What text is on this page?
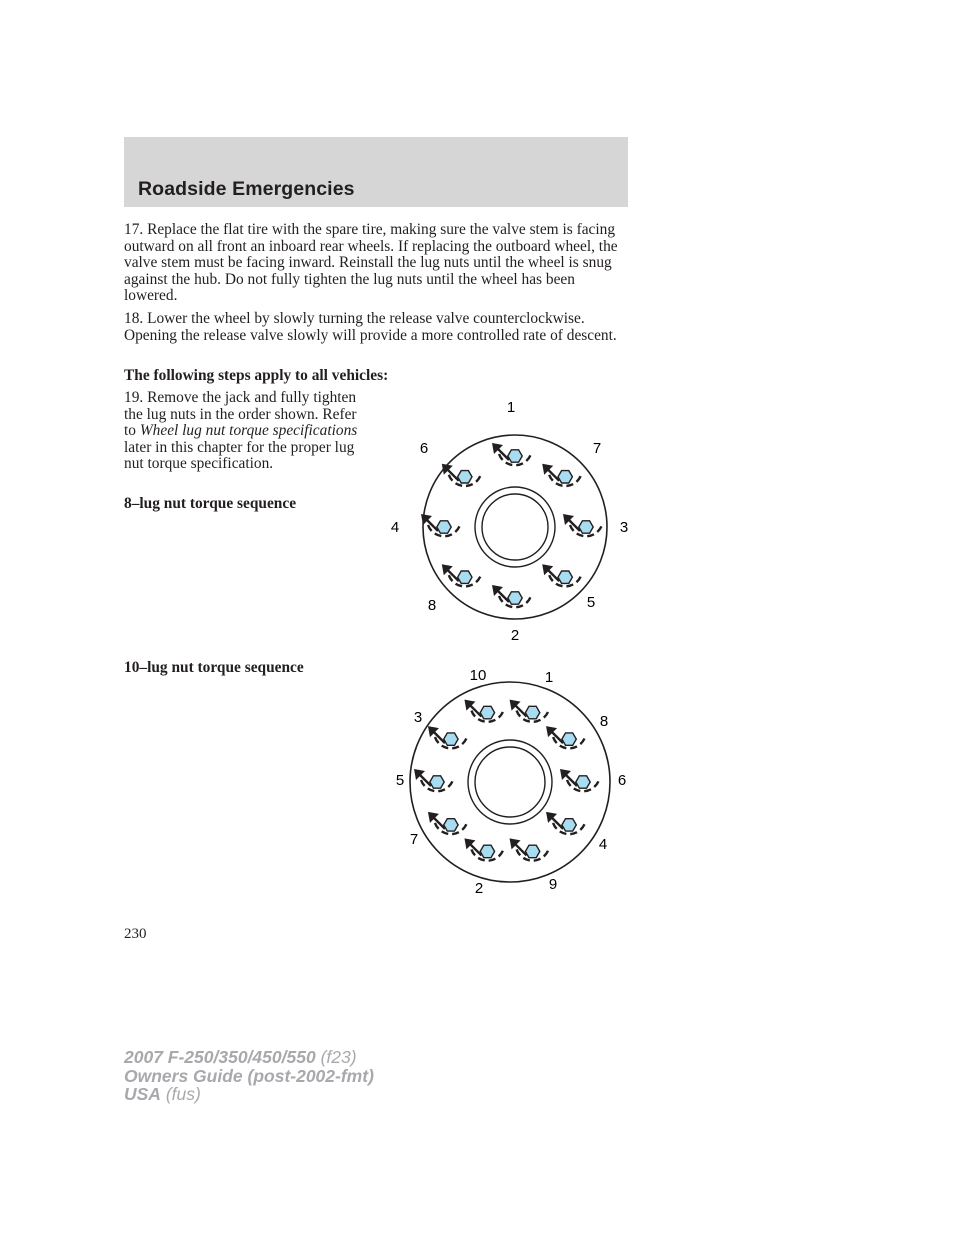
Roadside Emergencies

17. Replace the flat tire with the spare tire, making sure the valve stem is facing outward on all front an inboard rear wheels. If replacing the outboard wheel, the valve stem must be facing inward. Reinstall the lug nuts until the wheel is snug against the hub. Do not fully tighten the lug nuts until the wheel has been lowered.

18. Lower the wheel by slowly turning the release valve counterclockwise. Opening the release valve slowly will provide a more controlled rate of descent.

The following steps apply to all vehicles:

19. Remove the jack and fully tighten the lug nuts in the order shown. Refer to Wheel lug nut torque specifications later in this chapter for the proper lug nut torque specification.

8–lug nut torque sequence
10–lug nut torque sequence
1
7
3
5
2
8
4
6
10	1
3	8
5	6
7	4
2	9
230
2007 F-250/350/450/550 (f23)
Owners Guide (post-2002-fmt)
USA (fus)
